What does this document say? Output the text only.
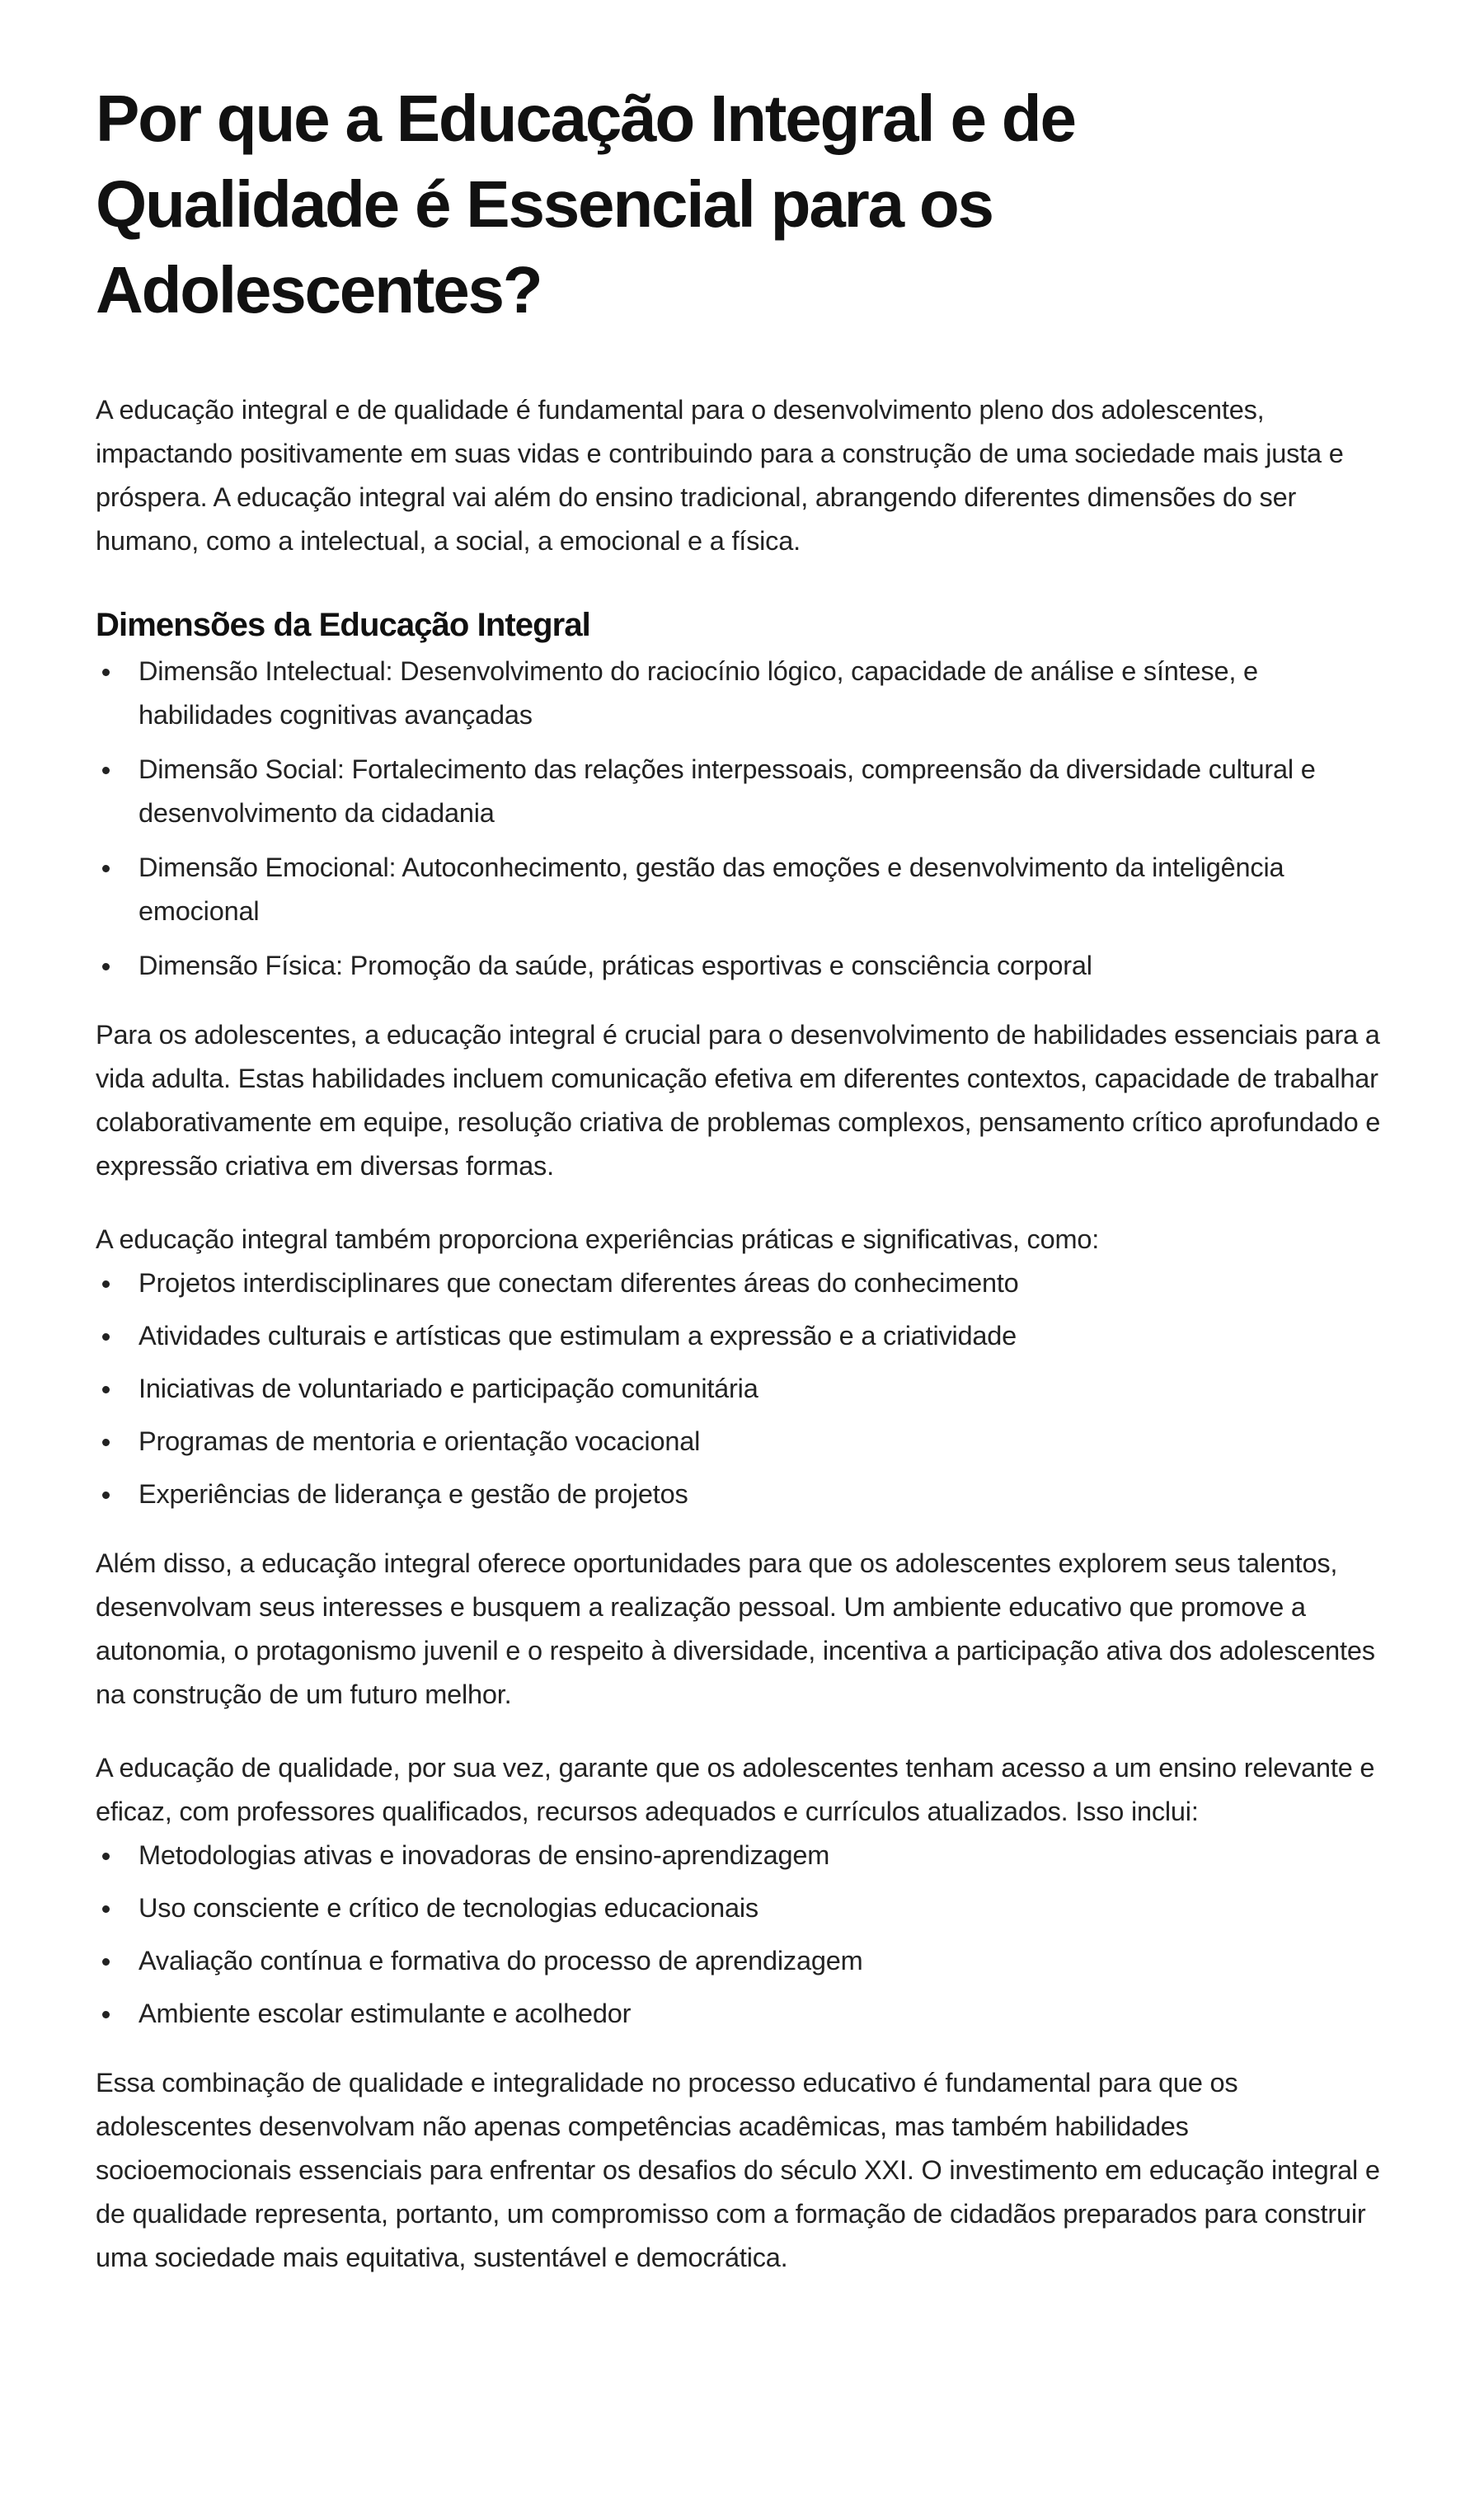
Por que a Educação Integral e de Qualidade é Essencial para os Adolescentes?

A educação integral e de qualidade é fundamental para o desenvolvimento pleno dos adolescentes, impactando positivamente em suas vidas e contribuindo para a construção de uma sociedade mais justa e próspera. A educação integral vai além do ensino tradicional, abrangendo diferentes dimensões do ser humano, como a intelectual, a social, a emocional e a física.

Dimensões da Educação Integral
Dimensão Intelectual: Desenvolvimento do raciocínio lógico, capacidade de análise e síntese, e habilidades cognitivas avançadas
Dimensão Social: Fortalecimento das relações interpessoais, compreensão da diversidade cultural e desenvolvimento da cidadania
Dimensão Emocional: Autoconhecimento, gestão das emoções e desenvolvimento da inteligência emocional
Dimensão Física: Promoção da saúde, práticas esportivas e consciência corporal

Para os adolescentes, a educação integral é crucial para o desenvolvimento de habilidades essenciais para a vida adulta. Estas habilidades incluem comunicação efetiva em diferentes contextos, capacidade de trabalhar colaborativamente em equipe, resolução criativa de problemas complexos, pensamento crítico aprofundado e expressão criativa em diversas formas.

A educação integral também proporciona experiências práticas e significativas, como:

Projetos interdisciplinares que conectam diferentes áreas do conhecimento
Atividades culturais e artísticas que estimulam a expressão e a criatividade
Iniciativas de voluntariado e participação comunitária
Programas de mentoria e orientação vocacional
Experiências de liderança e gestão de projetos

Além disso, a educação integral oferece oportunidades para que os adolescentes explorem seus talentos, desenvolvam seus interesses e busquem a realização pessoal. Um ambiente educativo que promove a autonomia, o protagonismo juvenil e o respeito à diversidade, incentiva a participação ativa dos adolescentes na construção de um futuro melhor.

A educação de qualidade, por sua vez, garante que os adolescentes tenham acesso a um ensino relevante e eficaz, com professores qualificados, recursos adequados e currículos atualizados. Isso inclui:

Metodologias ativas e inovadoras de ensino-aprendizagem
Uso consciente e crítico de tecnologias educacionais
Avaliação contínua e formativa do processo de aprendizagem
Ambiente escolar estimulante e acolhedor

Essa combinação de qualidade e integralidade no processo educativo é fundamental para que os adolescentes desenvolvam não apenas competências acadêmicas, mas também habilidades socioemocionais essenciais para enfrentar os desafios do século XXI. O investimento em educação integral e de qualidade representa, portanto, um compromisso com a formação de cidadãos preparados para construir uma sociedade mais equitativa, sustentável e democrática.
